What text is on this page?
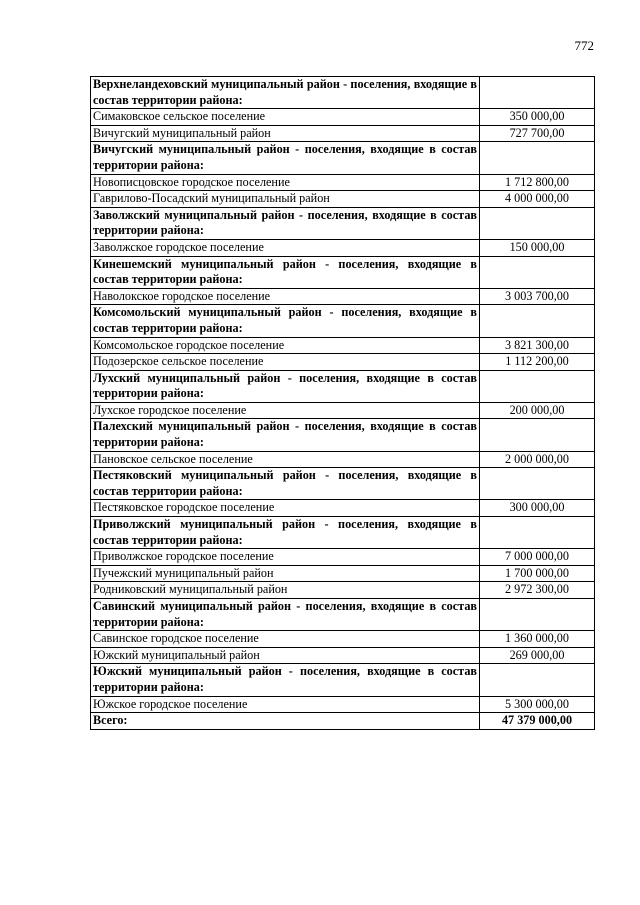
772
Верхнеландеховский муниципальный район - поселения, входящие в состав территории района:	
Симаковское сельское поселение	350 000,00
Вичугский муниципальный район	727 700,00
Вичугский муниципальный район - поселения, входящие в состав территории района:	
Новописцовское городское поселение	1 712 800,00
Гаврилово-Посадский муниципальный район	4 000 000,00
Заволжский муниципальный район - поселения, входящие в состав территории района:	
Заволжское городское поселение	150 000,00
Кинешемский муниципальный район - поселения, входящие в состав территории района:	
Наволокское городское поселение	3 003 700,00
Комсомольский муниципальный район - поселения, входящие в состав территории района:	
Комсомольское городское поселение	3 821 300,00
Подозерское сельское поселение	1 112 200,00
Лухский муниципальный район - поселения, входящие в состав территории района:	
Лухское городское поселение	200 000,00
Палехский муниципальный район - поселения, входящие в состав территории района:	
Пановское сельское поселение	2 000 000,00
Пестяковский муниципальный район - поселения, входящие в состав территории района:	
Пестяковское городское поселение	300 000,00
Приволжский муниципальный район - поселения, входящие в состав территории района:	
Приволжское городское поселение	7 000 000,00
Пучежский муниципальный район	1 700 000,00
Родниковский муниципальный район	2 972 300,00
Савинский муниципальный район - поселения, входящие в состав территории района:	
Савинское городское поселение	1 360 000,00
Южский муниципальный район	269 000,00
Южский муниципальный район - поселения, входящие в состав территории района:	
Южское городское поселение	5 300 000,00
Всего:	47 379 000,00
